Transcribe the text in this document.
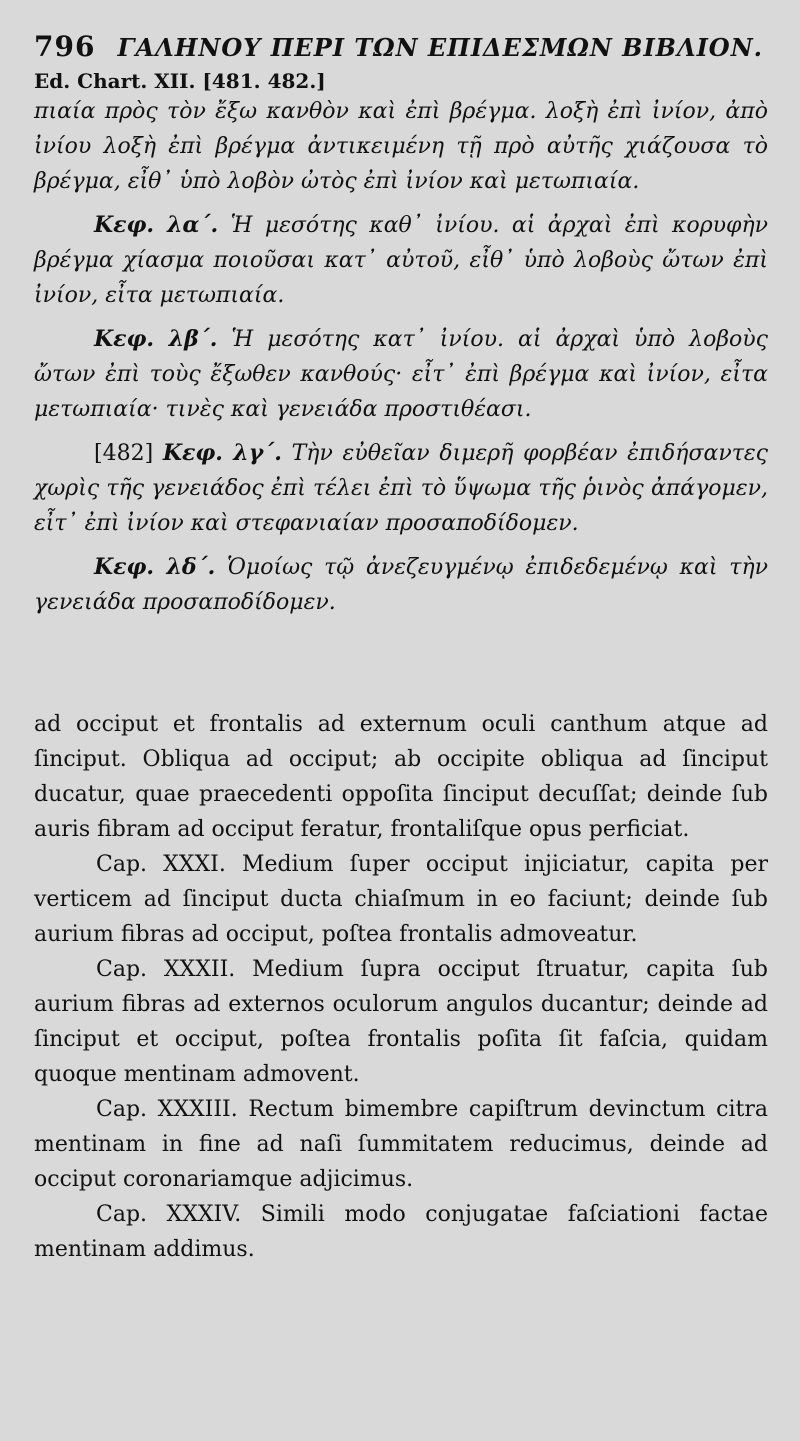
796 ΓΑΛΗΝΟΥ ΠΕΡΙ ΤΩΝ ΕΠΙΔΕΣΜΩΝ ΒΙΒΛΙΟΝ.
Ed. Chart. XII. [481. 482.]

πιαία πρὸς τὸν ἔξω κανθὸν καὶ ἐπὶ βρέγμα. λοξὴ ἐπὶ ἰνίον, ἀπὸ ἰνίου λοξὴ ἐπὶ βρέγμα ἀντικειμένη τῇ πρὸ αὐτῆς χιάζουσα τὸ βρέγμα, εἶθ᾽ ὑπὸ λοβὸν ὠτὸς ἐπὶ ἰνίον καὶ μετωπιαία.

Κεφ. λα΄. Ἡ μεσότης καθ᾽ ἰνίου. αἱ ἀρχαὶ ἐπὶ κορυφὴν βρέγμα χίασμα ποιοῦσαι κατ᾽ αὐτοῦ, εἶθ᾽ ὑπὸ λοβοὺς ὤτων ἐπὶ ἰνίον, εἶτα μετωπιαία.

Κεφ. λβ΄. Ἡ μεσότης κατ᾽ ἰνίου. αἱ ἀρχαὶ ὑπὸ λοβοὺς ὤτων ἐπὶ τοὺς ἔξωθεν κανθούς· εἶτ᾽ ἐπὶ βρέγμα καὶ ἰνίον, εἶτα μετωπιαία· τινὲς καὶ γενειάδα προστιθέασι.

[482] Κεφ. λγ΄. Τὴν εὐθεῖαν διμερῆ φορβέαν ἐπιδήσαντες χωρὶς τῆς γενειάδος ἐπὶ τέλει ἐπὶ τὸ ὕψωμα τῆς ῥινὸς ἀπάγομεν, εἶτ᾽ ἐπὶ ἰνίον καὶ στεφανιαίαν προσαποδίδομεν.

Κεφ. λδ΄. Ὁμοίως τῷ ἀνεζευγμένῳ ἐπιδεδεμένῳ καὶ τὴν γενειάδα προσαποδίδομεν.

ad occiput et frontalis ad externum oculi canthum atque ad ſinciput. Obliqua ad occiput; ab occipite obliqua ad ſinciput ducatur, quae praecedenti oppoſita ſinciput decuſſat; deinde ſub auris fibram ad occiput feratur, frontaliſque opus perficiat.

Cap. XXXI. Medium ſuper occiput injiciatur, capita per verticem ad ſinciput ducta chiaſmum in eo faciunt; deinde ſub aurium fibras ad occiput, poſtea frontalis admoveatur.

Cap. XXXII. Medium ſupra occiput ſtruatur, capita ſub aurium fibras ad externos oculorum angulos ducantur; deinde ad ſinciput et occiput, poſtea frontalis poſita ſit faſcia, quidam quoque mentinam admovent.

Cap. XXXIII. Rectum bimembre capiſtrum devinctum citra mentinam in fine ad naſi ſummitatem reducimus, deinde ad occiput coronariamque adjicimus.

Cap. XXXIV. Simili modo conjugatae faſciationi factae mentinam addimus.
